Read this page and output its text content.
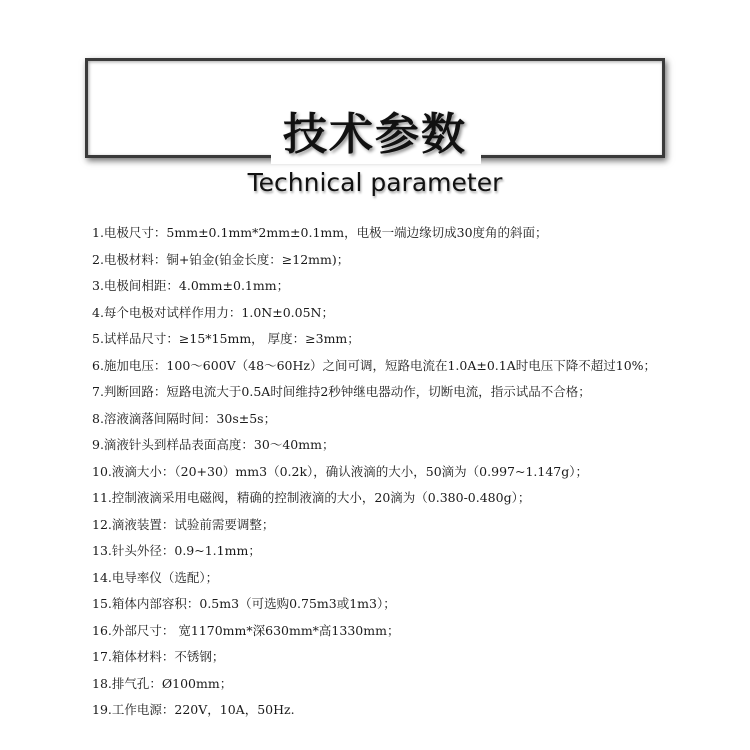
技术参数
Technical parameter
1.电极尺寸：5mm±0.1mm*2mm±0.1mm，电极一端边缘切成30度角的斜面；
2.电极材料：铜+铂金(铂金长度：≥12mm)；
3.电极间相距：4.0mm±0.1mm；
4.每个电极对试样作用力：1.0N±0.05N；
5.试样品尺寸：≥15*15mm， 厚度：≥3mm；
6.施加电压：100～600V（48～60Hz）之间可调，短路电流在1.0A±0.1A时电压下降不超过10%；
7.判断回路：短路电流大于0.5A时间维持2秒钟继电器动作，切断电流，指示试品不合格；
8.溶液滴落间隔时间：30s±5s；
9.滴液针头到样品表面高度：30～40mm；
10.液滴大小：（20+30）mm3（0.2k），确认液滴的大小，50滴为（0.997~1.147g）；
11.控制液滴采用电磁阀，精确的控制液滴的大小，20滴为（0.380-0.480g）；
12.滴液装置：试验前需要调整；
13.针头外径：0.9~1.1mm；
14.电导率仪（选配）；
15.箱体内部容积：0.5m3（可选购0.75m3或1m3）；
16.外部尺寸： 宽1170mm*深630mm*高1330mm；
17.箱体材料：不锈钢；
18.排气孔：Ø100mm；
19.工作电源：220V，10A，50Hz.
